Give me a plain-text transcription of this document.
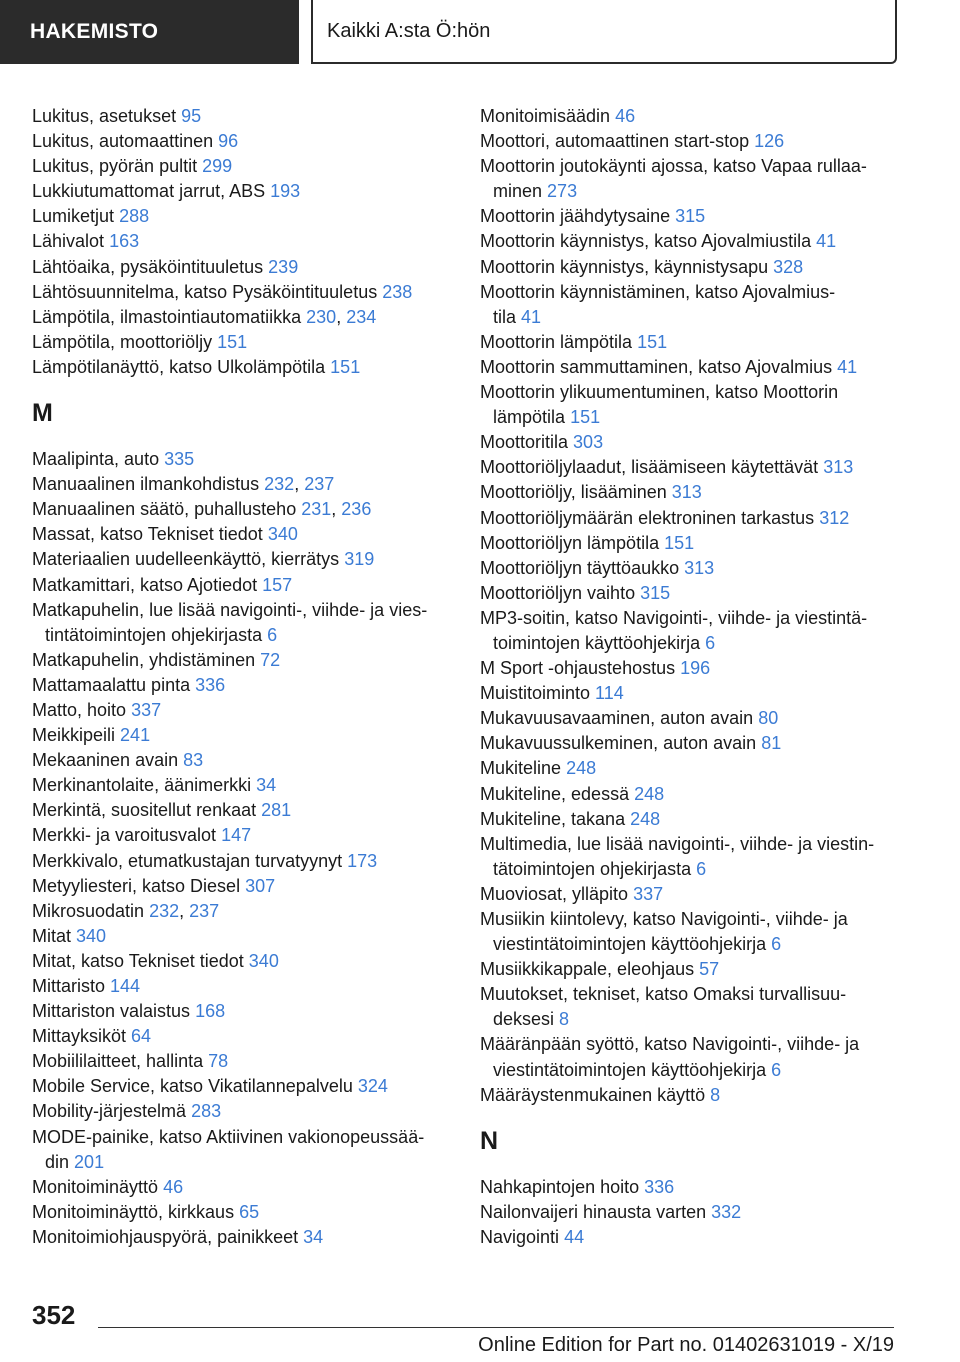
HAKEMISTO	Kaikki A:sta Ö:hön
Lukitus, asetukset 95
Lukitus, automaattinen 96
Lukitus, pyörän pultit 299
Lukkiutumattomat jarrut, ABS 193
Lumiketjut 288
Lähivalot 163
Lähtöaika, pysäköintituuletus 239
Lähtösuunnitelma, katso Pysäköintituuletus 238
Lämpötila, ilmastointiautomatiikka 230, 234
Lämpötila, moottoriöljy 151
Lämpötilanäyttö, katso Ulkolämpötila 151
M
Maalipinta, auto 335
Manuaalinen ilmankohdistus 232, 237
Manuaalinen säätö, puhallusteho 231, 236
Massat, katso Tekniset tiedot 340
Materiaalien uudelleenkäyttö, kierrätys 319
Matkamittari, katso Ajotiedot 157
Matkapuhelin, lue lisää navigointi-, viihde- ja vies-
tintätoimintojen ohjekirjasta 6
Matkapuhelin, yhdistäminen 72
Mattamaalattu pinta 336
Matto, hoito 337
Meikkipeili 241
Mekaaninen avain 83
Merkinantolaite, äänimerkki 34
Merkintä, suositellut renkaat 281
Merkki- ja varoitusvalot 147
Merkkivalo, etumatkustajan turvatyynyt 173
Metyyliesteri, katso Diesel 307
Mikrosuodatin 232, 237
Mitat 340
Mitat, katso Tekniset tiedot 340
Mittaristo 144
Mittariston valaistus 168
Mittayksiköt 64
Mobiililaitteet, hallinta 78
Mobile Service, katso Vikatilannepalvelu 324
Mobility-järjestelmä 283
MODE-painike, katso Aktiivinen vakionopeussää-
din 201
Monitoiminäyttö 46
Monitoiminäyttö, kirkkaus 65
Monitoimiohjauspyörä, painikkeet 34
Monitoimisäädin 46
Moottori, automaattinen start-stop 126
Moottorin joutokäynti ajossa, katso Vapaa rullaa-
minen 273
Moottorin jäähdytysaine 315
Moottorin käynnistys, katso Ajovalmiustila 41
Moottorin käynnistys, käynnistysapu 328
Moottorin käynnistäminen, katso Ajovalmius-
tila 41
Moottorin lämpötila 151
Moottorin sammuttaminen, katso Ajovalmius 41
Moottorin ylikuumentuminen, katso Moottorin
lämpötila 151
Moottoritila 303
Moottoriöljylaadut, lisäämiseen käytettävät 313
Moottoriöljy, lisääminen 313
Moottoriöljymäärän elektroninen tarkastus 312
Moottoriöljyn lämpötila 151
Moottoriöljyn täyttöaukko 313
Moottoriöljyn vaihto 315
MP3-soitin, katso Navigointi-, viihde- ja viestintä-
toimintojen käyttöohjekirja 6
M Sport -ohjaustehostus 196
Muistitoiminto 114
Mukavuusavaaminen, auton avain 80
Mukavuussulkeminen, auton avain 81
Mukiteline 248
Mukiteline, edessä 248
Mukiteline, takana 248
Multimedia, lue lisää navigointi-, viihde- ja viestin-
tätoimintojen ohjekirjasta 6
Muoviosat, ylläpito 337
Musiikin kiintolevy, katso Navigointi-, viihde- ja
viestintätoimintojen käyttöohjekirja 6
Musiikkikappale, eleohjaus 57
Muutokset, tekniset, katso Omaksi turvallisuu-
deksesi 8
Määränpään syöttö, katso Navigointi-, viihde- ja
viestintätoimintojen käyttöohjekirja 6
Määräystenmukainen käyttö 8
N
Nahkapintojen hoito 336
Nailonvaijeri hinausta varten 332
Navigointi 44
352
Online Edition for Part no. 01402631019 - X/19
